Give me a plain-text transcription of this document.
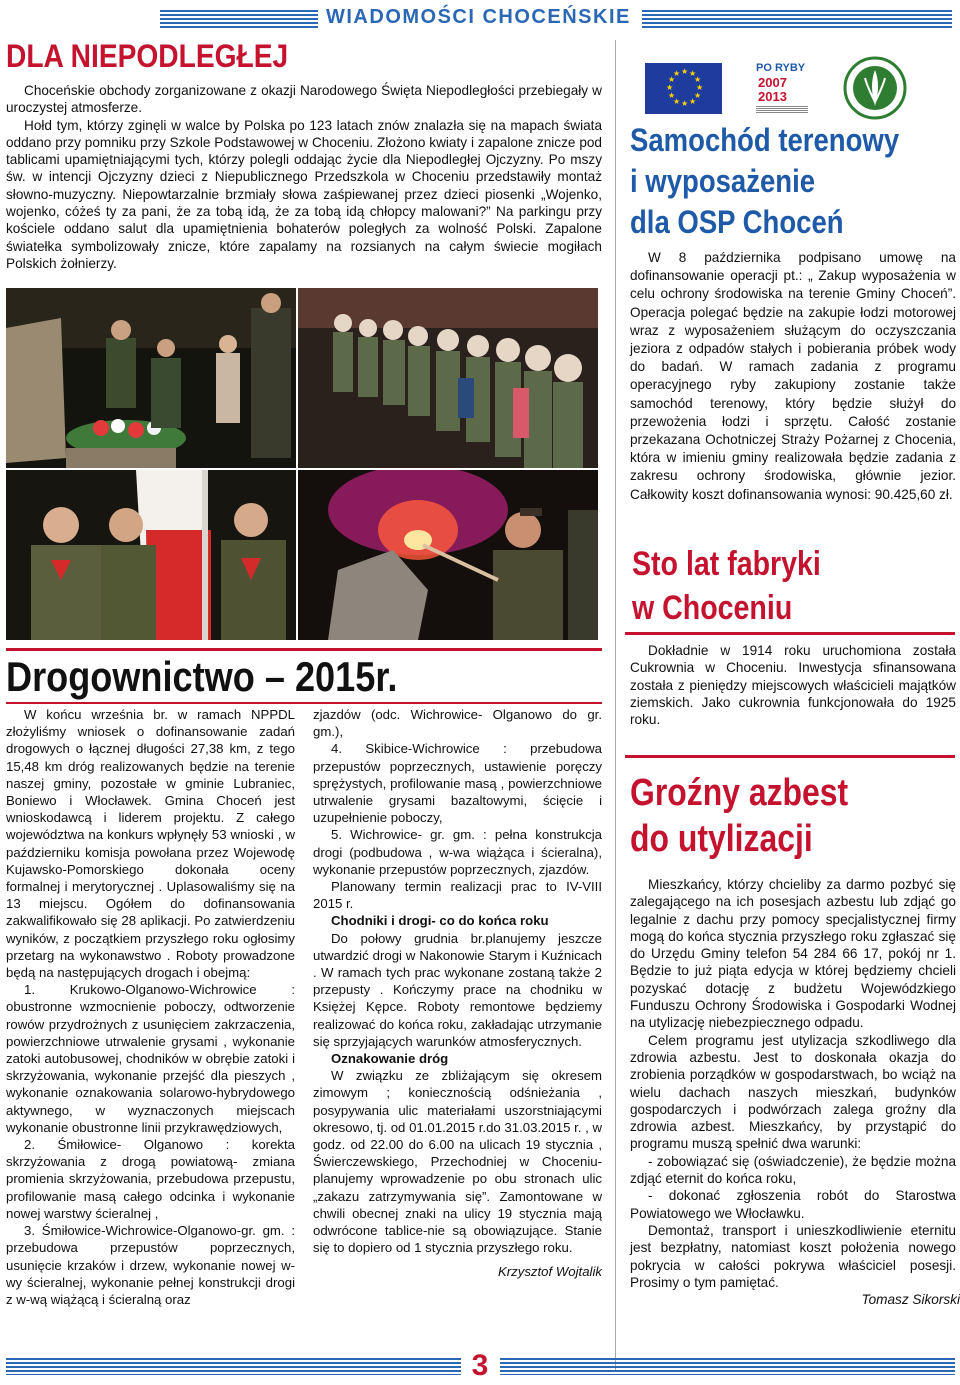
WIADOMOŚCI CHOCEŃSKIE
DLA NIEPODLEGŁEJ

Choceńskie obchody zorganizowane z okazji Narodowego Święta Niepodległości przebiegały w uroczystej atmosferze.

Hołd tym, którzy zginęli w walce by Polska po 123 latach znów znalazła się na mapach świata oddano przy pomniku przy Szkole Podstawowej w Choceniu. Złożono kwiaty i zapalone znicze pod tablicami upamiętniającymi tych, którzy polegli oddając życie dla Niepodległej Ojczyzny. Po mszy św. w intencji Ojczyzny dzieci z Niepublicznego Przedszkola w Choceniu przedstawiły montaż słowno-muzyczny. Niepowtarzalnie brzmiały słowa zaśpiewanej przez dzieci piosenki „Wojenko, wojenko, cóżeś ty za pani, że za tobą idą, że za tobą idą chłopcy malowani?” Na parkingu przy kościele oddano salut dla upamiętnienia bohaterów poległych za wolność Polski. Zapalone światełka symbolizowały znicze, które zapalamy na rozsianych na całym świecie mogiłach Polskich żołnierzy.

★ ★
★
★
★
★
★
★
★
★
★
★	PO RYBY
2007
2013
Samochód terenowy
i wyposażenie
dla OSP Choceń

W 8 października podpisano umowę na dofinansowanie operacji pt.: „ Zakup wyposażenia w celu ochrony środowiska na terenie Gminy Choceń”. Operacja polegać będzie na zakupie łodzi motorowej wraz z wyposażeniem służącym do oczyszczania jeziora z odpadów stałych i pobierania próbek wody do badań. W ramach zadania z programu operacyjnego ryby zakupiony zostanie także samochód terenowy, który będzie służył do przewożenia łodzi i sprzętu. Całość zostanie przekazana Ochotniczej Straży Pożarnej z Chocenia, która w imieniu gminy realizowała będzie zadania z zakresu ochrony środowiska, głównie jezior. Całkowity koszt dofinansowania wynosi: 90.425,60 zł.

Sto lat fabryki
w Choceniu

Dokładnie w 1914 roku uruchomiona została Cukrownia w Choceniu. Inwestycja sfinansowana została z pieniędzy miejscowych właścicieli majątków ziemskich. Jako cukrownia funkcjonowała do 1925 roku.

Groźny azbest
do utylizacji

Mieszkańcy, którzy chcieliby za darmo pozbyć się zalegającego na ich posesjach azbestu lub zdjąć go legalnie z dachu przy pomocy specjalistycznej firmy mogą do końca stycznia przyszłego roku zgłaszać się do Urzędu Gminy telefon 54 284 66 17, pokój nr 1. Będzie to już piąta edycja w której będziemy chcieli pozyskać dotację z budżetu Wojewódzkiego Funduszu Ochrony Środowiska i Gospodarki Wodnej na utylizację niebezpiecznego odpadu.

Celem programu jest utylizacja szkodliwego dla zdrowia azbestu. Jest to doskonała okazja do zrobienia porządków w gospodarstwach, bo wciąż na wielu dachach naszych mieszkań, budynków gospodarczych i podwórzach zalega groźny dla zdrowia azbest. Mieszkańcy, by przystąpić do programu muszą spełnić dwa warunki:

- zobowiązać się (oświadczenie), że będzie można zdjąć eternit do końca roku,

- dokonać zgłoszenia robót do Starostwa Powiatowego we Włocławku.

Demontaż, transport i unieszkodliwienie eternitu jest bezpłatny, natomiast koszt położenia nowego pokrycia w całości pokrywa właściciel posesji. Prosimy o tym pamiętać.

Tomasz Sikorski

Drogownictwo – 2015r.

W końcu września br. w ramach NPPDL złożyliśmy wniosek o dofinansowanie zadań drogowych o łącznej długości 27,38 km, z tego 15,48 km dróg realizowanych będzie na terenie naszej gminy, pozostałe w gminie Lubraniec, Boniewo i Włocławek. Gmina Choceń jest wnioskodawcą i liderem projektu. Z całego województwa na konkurs wpłynęły 53 wnioski , w październiku komisja powołana przez Wojewodę Kujawsko-Pomorskiego dokonała oceny formalnej i merytorycznej . Uplasowaliśmy się na 13 miejscu. Ogółem do dofinansowania zakwalifikowało się 28 aplikacji. Po zatwierdzeniu wyników, z początkiem przyszłego roku ogłosimy przetarg na wykonawstwo . Roboty prowadzone będą na następujących drogach i obejmą:

1. Krukowo-Olganowo-Wichrowice : obustronne wzmocnienie poboczy, odtworzenie rowów przydrożnych z usunięciem zakrzaczenia, powierzchniowe utrwalenie grysami , wykonanie zatoki autobusowej, chodników w obrębie zatoki i skrzyżowania, wykonanie przejść dla pieszych , wykonanie oznakowania solarowo-hybrydowego aktywnego, w wyznaczonych miejscach wykonanie obustronne linii przykrawędziowych,

2. Śmiłowice- Olganowo : korekta skrzyżowania z drogą powiatową- zmiana promienia skrzyżowania, przebudowa przepustu, profilowanie masą całego odcinka i wykonanie nowej warstwy ścieralnej ,

3. Śmiłowice-Wichrowice-Olganowo-gr. gm. : przebudowa przepustów poprzecznych, usunięcie krzaków i drzew, wykonanie nowej w-wy ścieralnej, wykonanie pełnej konstrukcji drogi z w-wą wiążącą i ścieralną oraz

zjazdów (odc. Wichrowice- Olganowo do gr. gm.),

4. Skibice-Wichrowice : przebudowa przepustów poprzecznych, ustawienie poręczy sprężystych, profilowanie masą , powierzchniowe utrwalenie grysami bazaltowymi, ścięcie i uzupełnienie poboczy,

5. Wichrowice- gr. gm. : pełna konstrukcja drogi (podbudowa , w-wa wiążąca i ścieralna), wykonanie przepustów poprzecznych, zjazdów.

Planowany termin realizacji prac to IV-VIII 2015 r.

Chodniki i drogi- co do końca roku

Do połowy grudnia br.planujemy jeszcze utwardzić drogi w Nakonowie Starym i Kuźnicach . W ramach tych prac wykonane zostaną także 2 przepusty . Kończymy prace na chodniku w Księżej Kępce. Roboty remontowe będziemy realizować do końca roku, zakładając utrzymanie się sprzyjających warunków atmosferycznych.

Oznakowanie dróg

W związku ze zbliżającym się okresem zimowym ; koniecznością odśnieżania , posypywania ulic materiałami uszorstniającymi okresowo, tj. od 01.01.2015 r.do 31.03.2015 r. , w godz. od 22.00 do 6.00 na ulicach 19 stycznia , Świerczewskiego, Przechodniej w Choceniu-planujemy wprowadzenie po obu stronach ulic „zakazu zatrzymywania się”. Zamontowane w chwili obecnej znaki na ulicy 19 stycznia mają odwrócone tablice-nie są obowiązujące. Stanie się to dopiero od 1 stycznia przyszłego roku.

Krzysztof Wojtalik

3
